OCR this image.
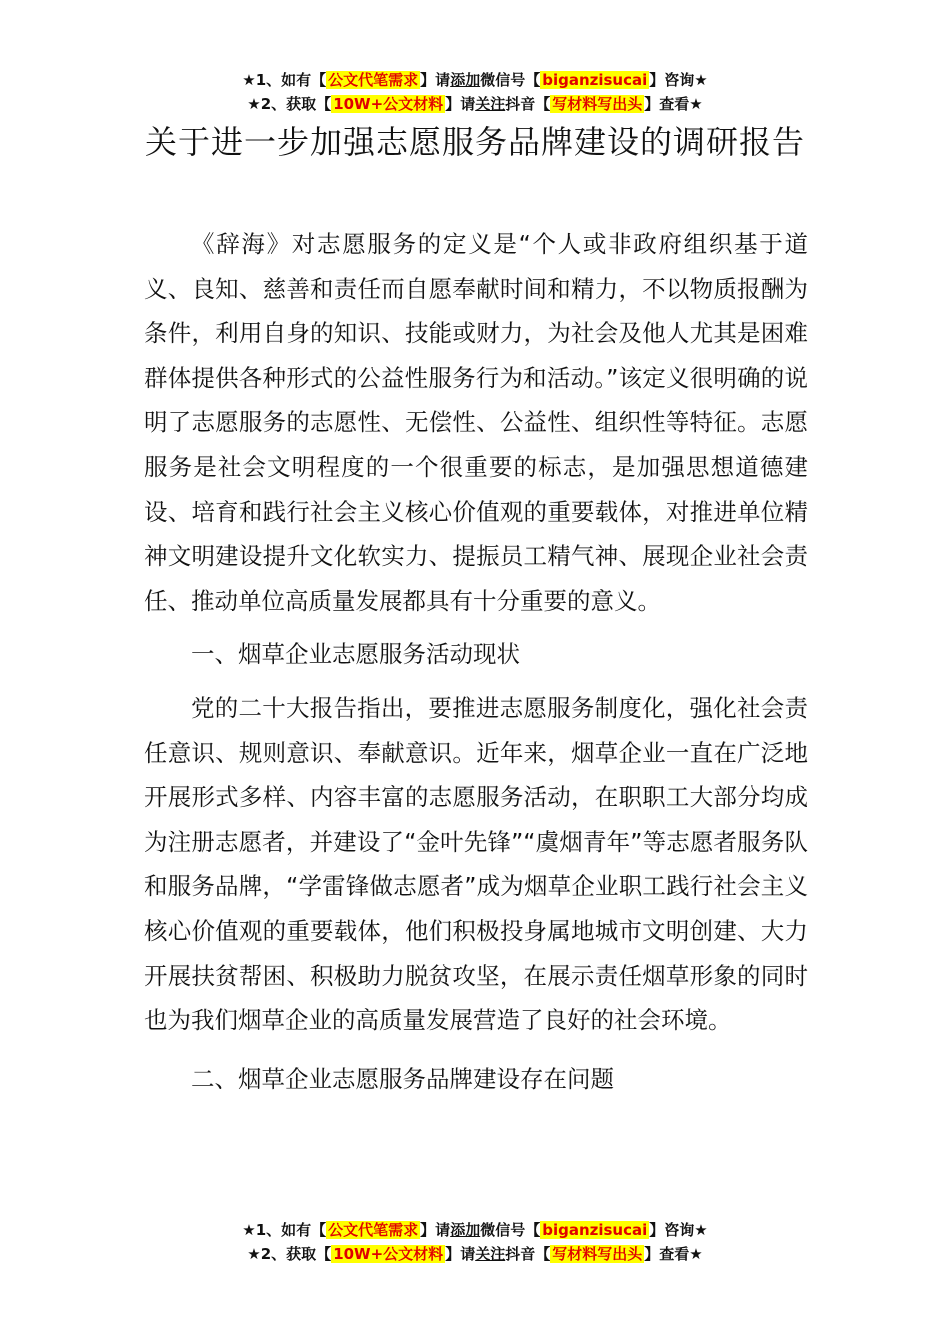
★1、如有【 公文代笔需求 】请添加微信号【 biganzisucai 】咨询★
★2、获取【 10W+公文材料 】请关注抖音【 写材料写出头 】查看★
关于进一步加强志愿服务品牌建设的调研报告

《辞海》对志愿服务的定义是“个人或非政府组织基于道义、良知、慈善和责任而自愿奉献时间和精力，不以物质报酬为条件，利用自身的知识、技能或财力，为社会及他人尤其是困难群体提供各种形式的公益性服务行为和活动。”该定义很明确的说明了志愿服务的志愿性、无偿性、公益性、组织性等特征。志愿服务是社会文明程度的一个很重要的标志，是加强思想道德建设、培育和践行社会主义核心价值观的重要载体，对推进单位精神文明建设提升文化软实力、提振员工精气神、展现企业社会责任、推动单位高质量发展都具有十分重要的意义。

一、烟草企业志愿服务活动现状

党的二十大报告指出，要推进志愿服务制度化，强化社会责任意识、规则意识、奉献意识。近年来，烟草企业一直在广泛地开展形式多样、内容丰富的志愿服务活动，在职职工大部分均成为注册志愿者，并建设了“金叶先锋”“虞烟青年”等志愿者服务队和服务品牌，“学雷锋做志愿者”成为烟草企业职工践行社会主义核心价值观的重要载体，他们积极投身属地城市文明创建、大力开展扶贫帮困、积极助力脱贫攻坚，在展示责任烟草形象的同时也为我们烟草企业的高质量发展营造了良好的社会环境。

二、烟草企业志愿服务品牌建设存在问题

★1、如有【 公文代笔需求 】请添加微信号【 biganzisucai 】咨询★
★2、获取【 10W+公文材料 】请关注抖音【 写材料写出头 】查看★
